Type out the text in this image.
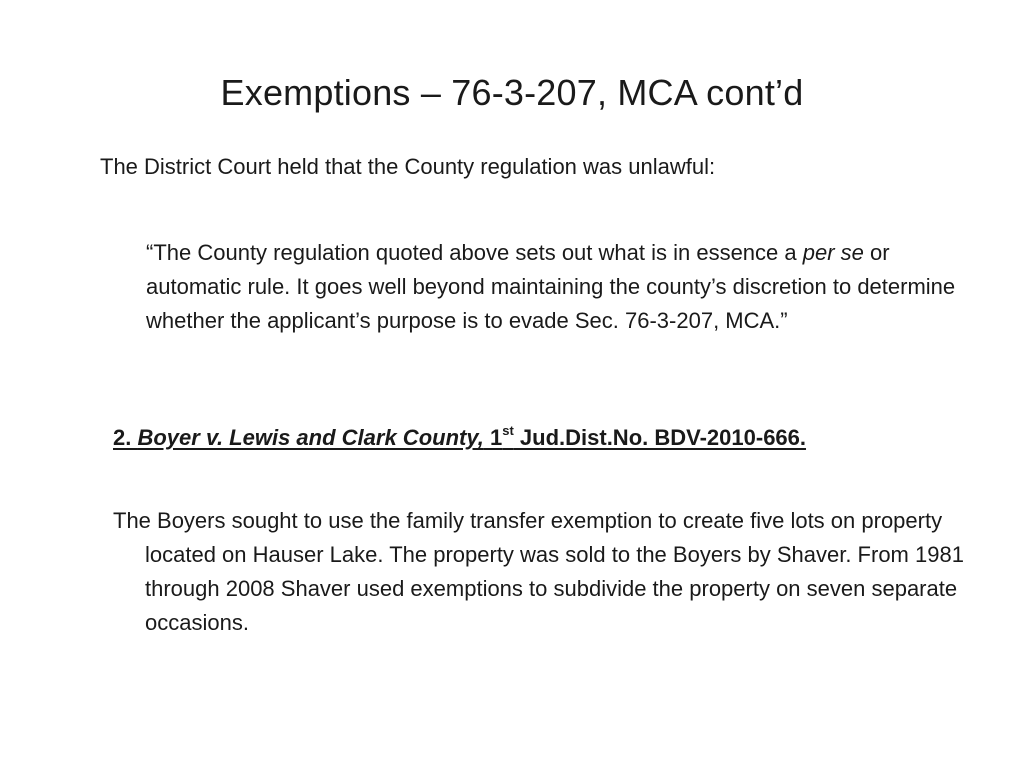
Exemptions – 76-3-207, MCA cont’d

The District Court held that the County regulation was unlawful:

“The County regulation quoted above sets out what is in essence a per se or automatic rule. It goes well beyond maintaining the county’s discretion to determine whether the applicant’s purpose is to evade Sec. 76-3-207, MCA.”

2. Boyer v. Lewis and Clark County, 1st Jud.Dist.No. BDV-2010-666.

The Boyers sought to use the family transfer exemption to create five lots on property located on Hauser Lake. The property was sold to the Boyers by Shaver. From 1981 through 2008 Shaver used exemptions to subdivide the property on seven separate occasions.
